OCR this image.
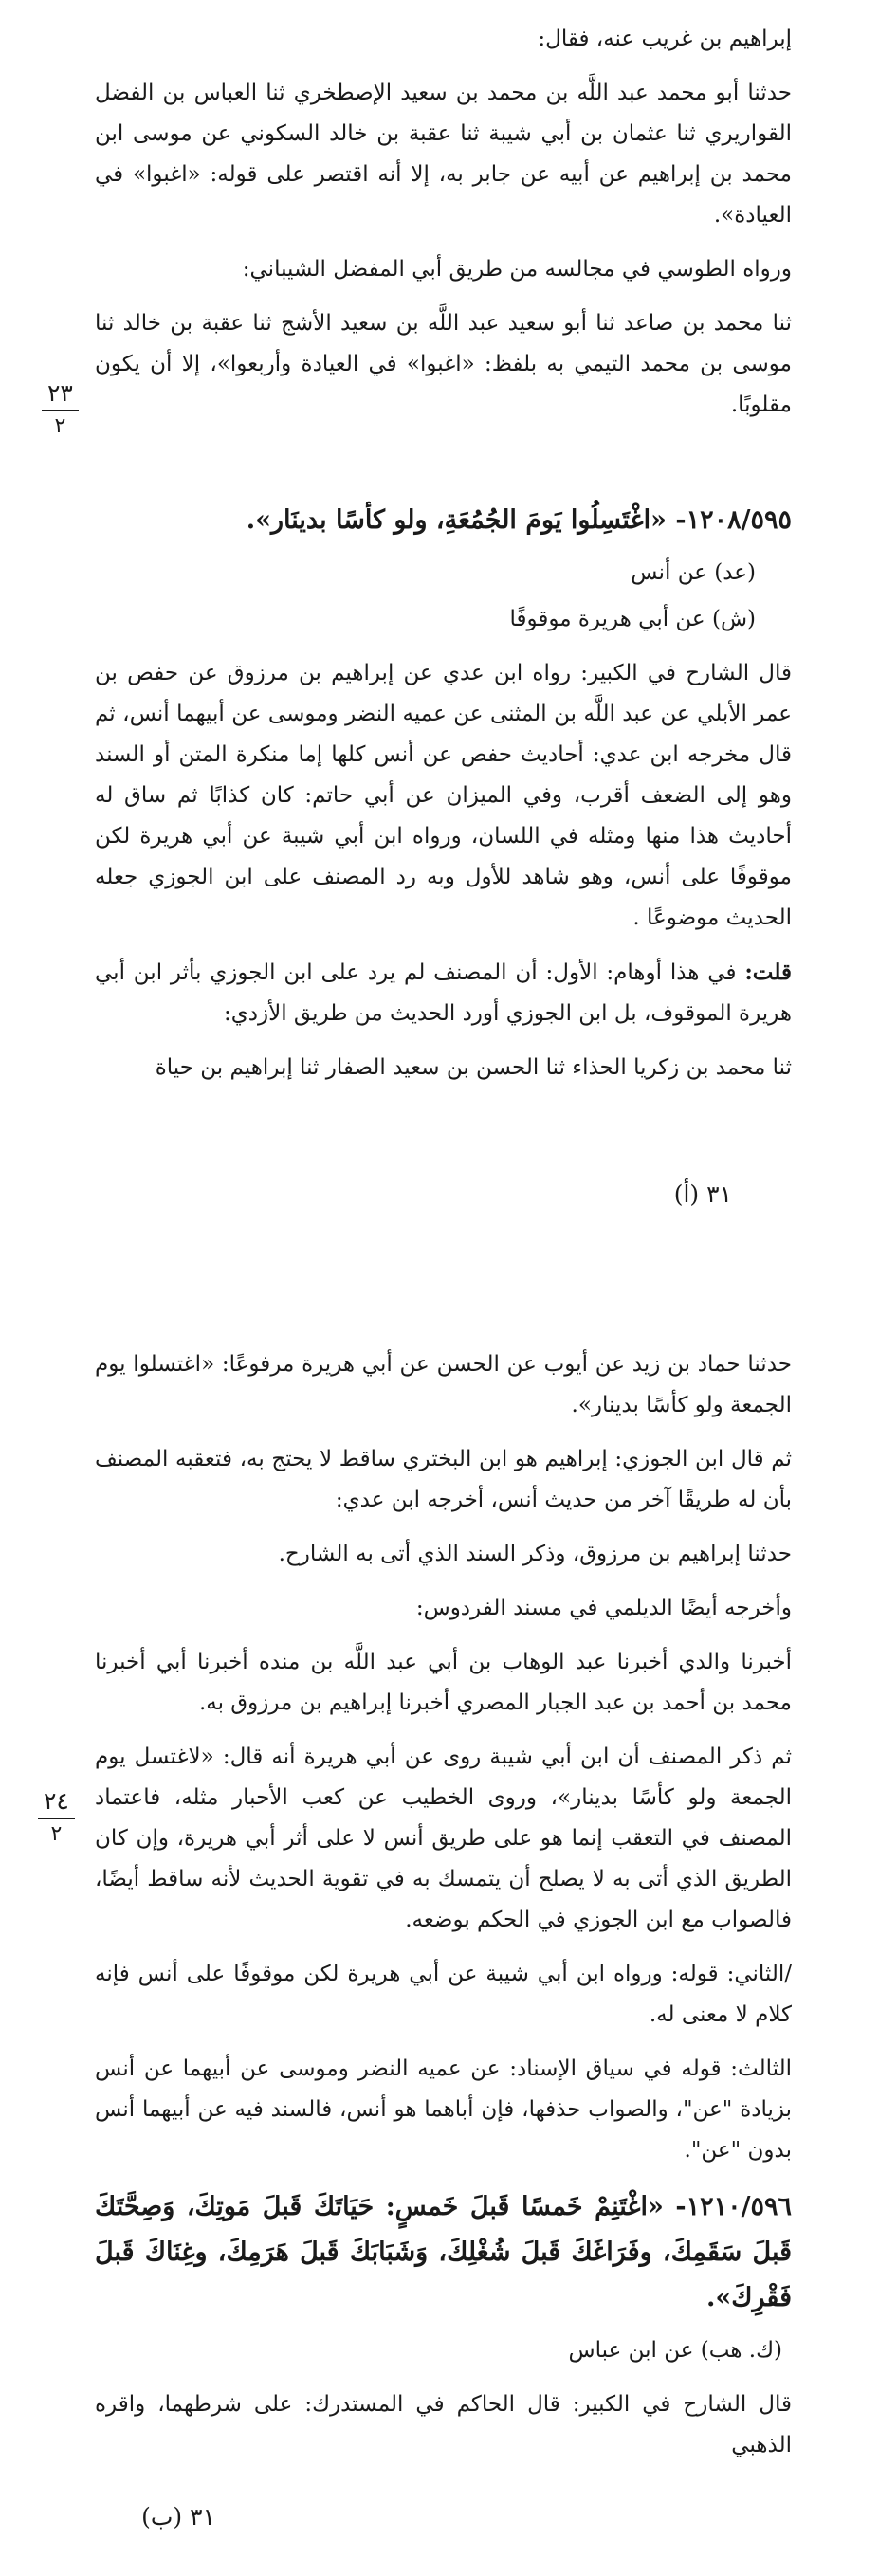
إبراهيم بن غريب عنه، فقال:

حدثنا أبو محمد عبد اللَّه بن محمد بن سعيد الإصطخري ثنا العباس بن الفضل القواريري ثنا عثمان بن أبي شيبة ثنا عقبة بن خالد السكوني عن موسى ابن محمد بن إبراهيم عن أبيه عن جابر به، إلا أنه اقتصر على قوله: «اغبوا» في العيادة».

ورواه الطوسي في مجالسه من طريق أبي المفضل الشيباني:

ثنا محمد بن صاعد ثنا أبو سعيد عبد اللَّه بن سعيد الأشج ثنا عقبة بن خالد ثنا موسى بن محمد التيمي به بلفظ: «اغبوا» في العيادة وأربعوا»، إلا أن يكون مقلوبًا.

٢٣
٢

١٢٠٨/٥٩٥- «اغْتَسِلُوا يَومَ الجُمُعَةِ، ولو كأسًا بدينَار».

(عد) عن أنس

(ش) عن أبي هريرة موقوفًا

قال الشارح في الكبير: رواه ابن عدي عن إبراهيم بن مرزوق عن حفص بن عمر الأبلي عن عبد اللَّه بن المثنى عن عميه النضر وموسى عن أبيهما أنس، ثم قال مخرجه ابن عدي: أحاديث حفص عن أنس كلها إما منكرة المتن أو السند وهو إلى الضعف أقرب، وفي الميزان عن أبي حاتم: كان كذابًا ثم ساق له أحاديث هذا منها ومثله في اللسان، ورواه ابن أبي شيبة عن أبي هريرة لكن موقوفًا على أنس، وهو شاهد للأول وبه رد المصنف على ابن الجوزي جعله الحديث موضوعًا .

قلت: في هذا أوهام: الأول: أن المصنف لم يرد على ابن الجوزي بأثر ابن أبي هريرة الموقوف، بل ابن الجوزي أورد الحديث من طريق الأزدي:

ثنا محمد بن زكريا الحذاء ثنا الحسن بن سعيد الصفار ثنا إبراهيم بن حياة

٣١ (أ)

حدثنا حماد بن زيد عن أيوب عن الحسن عن أبي هريرة مرفوعًا: «اغتسلوا يوم الجمعة ولو كأسًا بدينار».

ثم قال ابن الجوزي: إبراهيم هو ابن البختري ساقط لا يحتج به، فتعقبه المصنف بأن له طريقًا آخر من حديث أنس، أخرجه ابن عدي:

حدثنا إبراهيم بن مرزوق، وذكر السند الذي أتى به الشارح.

وأخرجه أيضًا الديلمي في مسند الفردوس:

أخبرنا والدي أخبرنا عبد الوهاب بن أبي عبد اللَّه بن منده أخبرنا أبي أخبرنا محمد بن أحمد بن عبد الجبار المصري أخبرنا إبراهيم بن مرزوق به.

ثم ذكر المصنف أن ابن أبي شيبة روى عن أبي هريرة أنه قال: «لاغتسل يوم الجمعة ولو كأسًا بدينار»، وروى الخطيب عن كعب الأحبار مثله، فاعتماد المصنف في التعقب إنما هو على طريق أنس لا على أثر أبي هريرة، وإن كان الطريق الذي أتى به لا يصلح أن يتمسك به في تقوية الحديث لأنه ساقط أيضًا، فالصواب مع ابن الجوزي في الحكم بوضعه.

/الثاني: قوله: ورواه ابن أبي شيبة عن أبي هريرة لكن موقوفًا على أنس فإنه كلام لا معنى له.

الثالث: قوله في سياق الإسناد: عن عميه النضر وموسى عن أبيهما عن أنس بزيادة "عن"، والصواب حذفها، فإن أباهما هو أنس، فالسند فيه عن أبيهما أنس بدون "عن".

١٢١٠/٥٩٦- «اغْتَنِمْ خَمسًا قَبلَ خَمسٍ: حَيَاتَكَ قَبلَ مَوتِكَ، وَصِحَّتَكَ قَبلَ سَقَمِكَ، وفَرَاغَكَ قَبلَ شُغْلِكَ، وَشَبَابَكَ قَبلَ هَرَمِكَ، وغِنَاكَ قَبلَ فَقْرِكَ».

(ك. هب) عن ابن عباس

قال الشارح في الكبير: قال الحاكم في المستدرك: على شرطهما، واقره الذهبي

٢٤
٢
٣١ (ب)
